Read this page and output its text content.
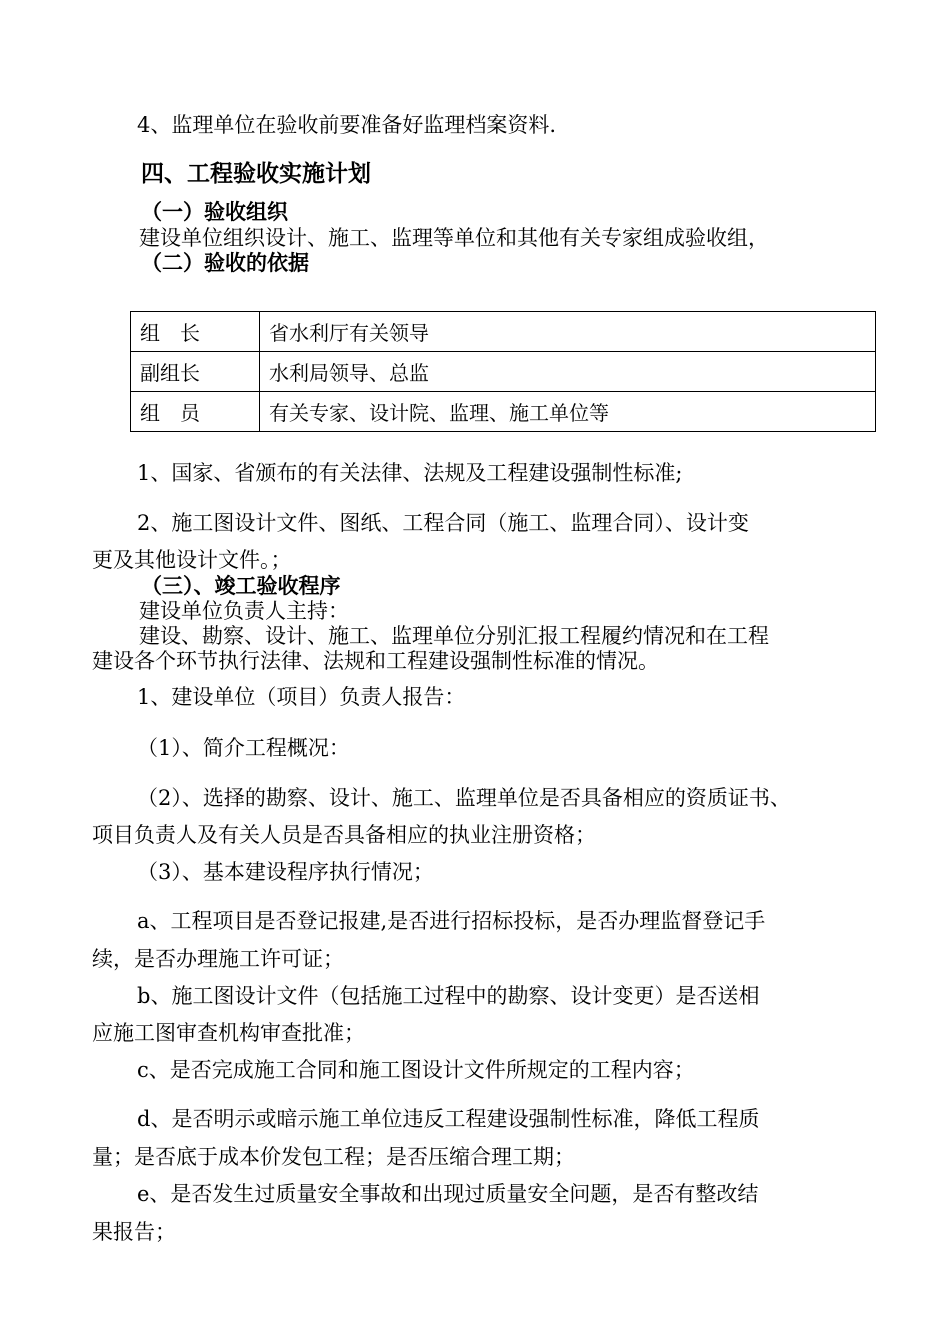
4、监理单位在验收前要准备好监理档案资料.
四、工程验收实施计划
（一）验收组织
建设单位组织设计、施工、监理等单位和其他有关专家组成验收组，
（二）验收的依据
组　长	省水利厅有关领导
副组长	水利局领导、总监
组　员	有关专家、设计院、监理、施工单位等
1、国家、省颁布的有关法律、法规及工程建设强制性标准;
2、施工图设计文件、图纸、工程合同（施工、监理合同）、设计变
更及其他设计文件。；
（三）、竣工验收程序
建设单位负责人主持：
建设、勘察、设计、施工、监理单位分别汇报工程履约情况和在工程
建设各个环节执行法律、法规和工程建设强制性标准的情况。
1、建设单位（项目）负责人报告：
（1）、简介工程概况：
（2）、选择的勘察、设计、施工、监理单位是否具备相应的资质证书、
项目负责人及有关人员是否具备相应的执业注册资格；
（3）、基本建设程序执行情况；
a、工程项目是否登记报建,是否进行招标投标，是否办理监督登记手
续，是否办理施工许可证；
b、施工图设计文件（包括施工过程中的勘察、设计变更）是否送相
应施工图审查机构审查批准；
c、是否完成施工合同和施工图设计文件所规定的工程内容；
d、是否明示或暗示施工单位违反工程建设强制性标准，降低工程质
量；是否底于成本价发包工程；是否压缩合理工期；
e、是否发生过质量安全事故和出现过质量安全问题，是否有整改结
果报告；
